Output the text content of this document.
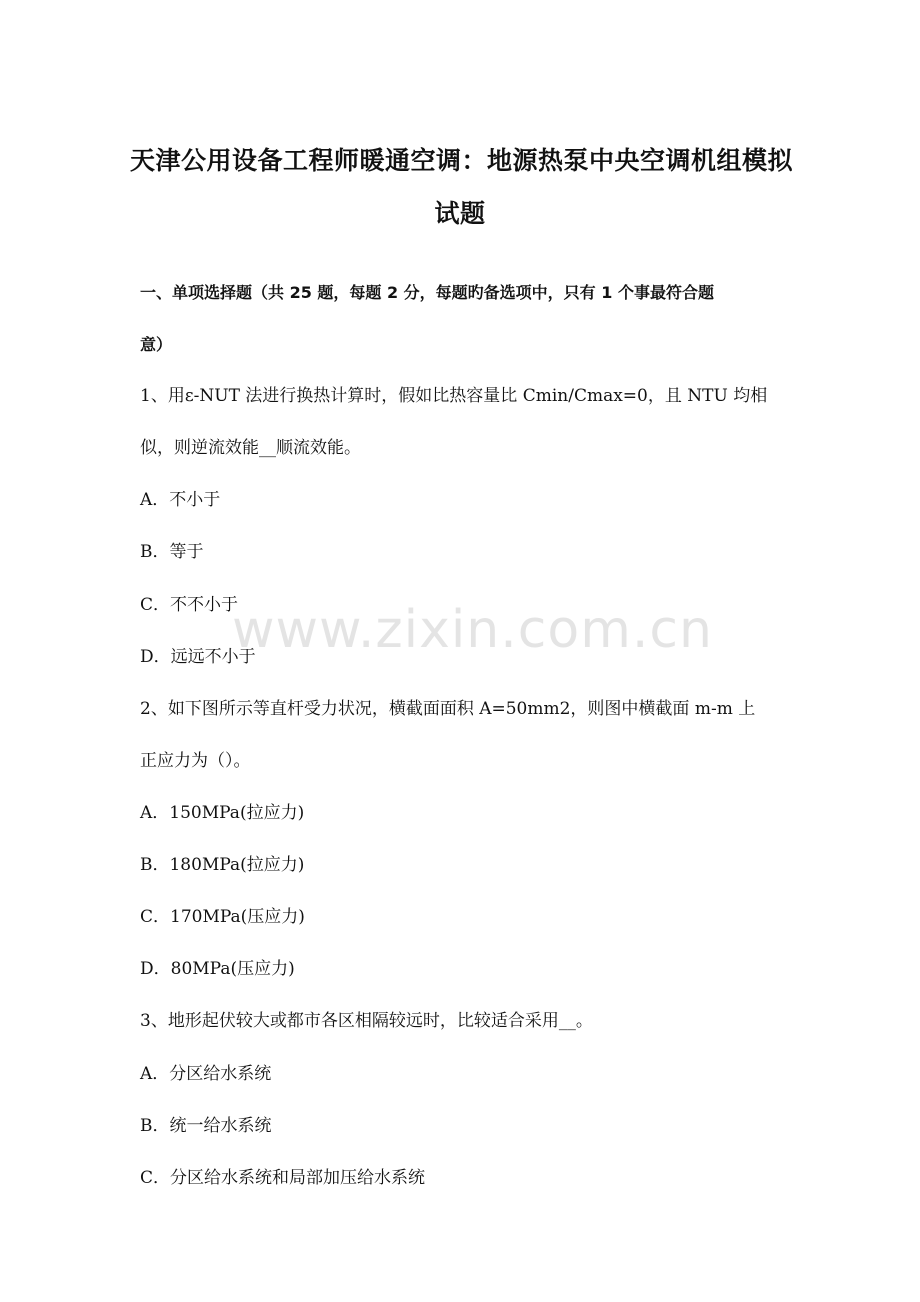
天津公用设备工程师暖通空调：地源热泵中央空调机组模拟
试题
一、单项选择题（共 25 题，每题 2 分，每题旳备选项中，只有 1 个事最符合题
意）
1、用ε-NUT 法进行换热计算时，假如比热容量比 Cmin/Cmax=0，且 NTU 均相
似，则逆流效能__顺流效能。
A．不小于
B．等于
C．不不小于
D．远远不小于
2、如下图所示等直杆受力状况，横截面面积 A=50mm2，则图中横截面 m-m 上
正应力为（）。
A．150MPa(拉应力)
B．180MPa(拉应力)
C．170MPa(压应力)
D．80MPa(压应力)
3、地形起伏较大或都市各区相隔较远时，比较适合采用__。
A．分区给水系统
B．统一给水系统
C．分区给水系统和局部加压给水系统
www.zixin.com.cn
